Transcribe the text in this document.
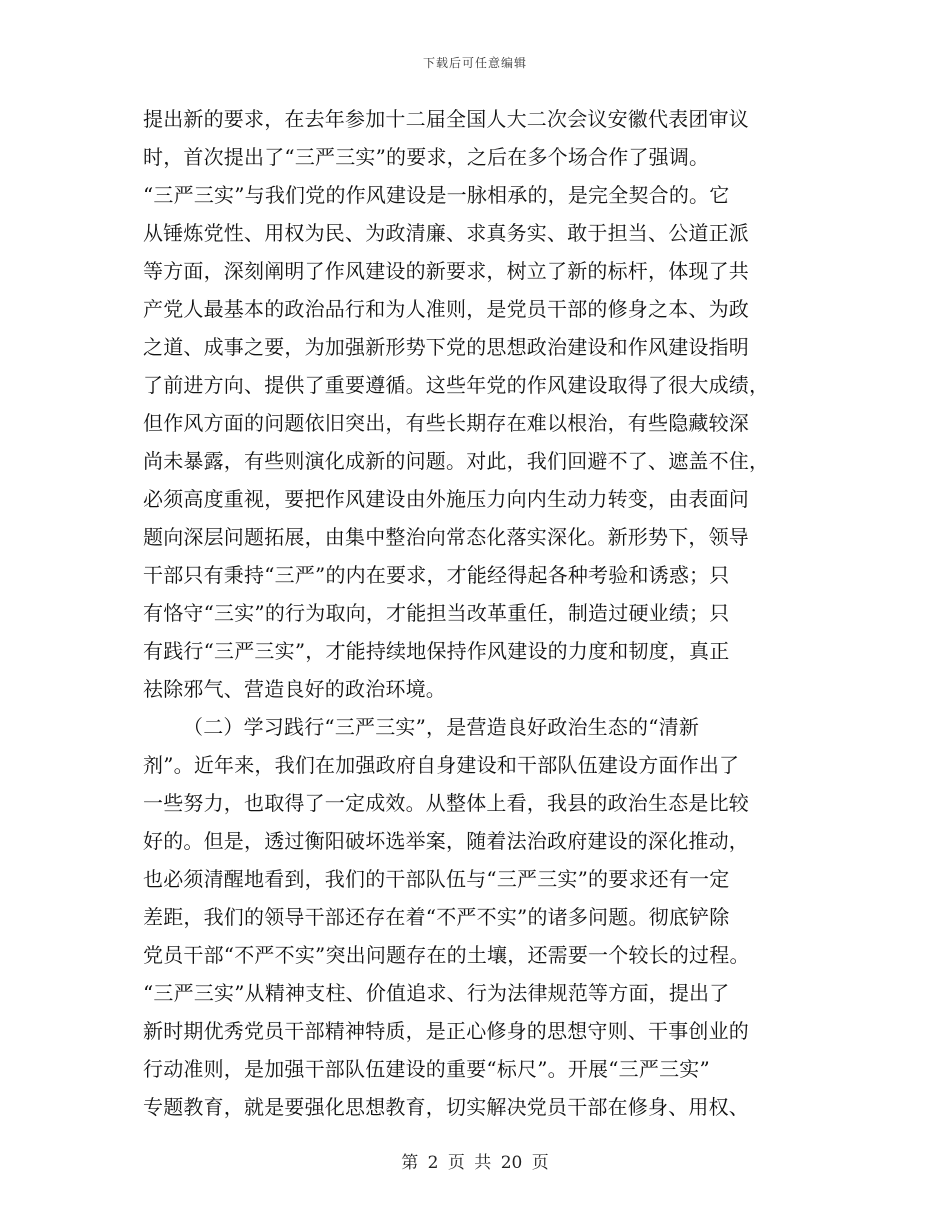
下载后可任意编辑
提出新的要求，在去年参加十二届全国人大二次会议安徽代表团审议
时，首次提出了“三严三实”的要求，之后在多个场合作了强调。
“三严三实”与我们党的作风建设是一脉相承的，是完全契合的。它
从锤炼党性、用权为民、为政清廉、求真务实、敢于担当、公道正派
等方面，深刻阐明了作风建设的新要求，树立了新的标杆，体现了共
产党人最基本的政治品行和为人准则，是党员干部的修身之本、为政
之道、成事之要，为加强新形势下党的思想政治建设和作风建设指明
了前进方向、提供了重要遵循。这些年党的作风建设取得了很大成绩，
但作风方面的问题依旧突出，有些长期存在难以根治，有些隐藏较深
尚未暴露，有些则演化成新的问题。对此，我们回避不了、遮盖不住，
必须高度重视，要把作风建设由外施压力向内生动力转变，由表面问
题向深层问题拓展，由集中整治向常态化落实深化。新形势下，领导
干部只有秉持“三严”的内在要求，才能经得起各种考验和诱惑；只
有恪守“三实”的行为取向，才能担当改革重任，制造过硬业绩；只
有践行“三严三实”，才能持续地保持作风建设的力度和韧度，真正
祛除邪气、营造良好的政治环境。
（二）学习践行“三严三实”，是营造良好政治生态的“清新
剂”。近年来，我们在加强政府自身建设和干部队伍建设方面作出了
一些努力，也取得了一定成效。从整体上看，我县的政治生态是比较
好的。但是，透过衡阳破坏选举案，随着法治政府建设的深化推动，
也必须清醒地看到，我们的干部队伍与“三严三实”的要求还有一定
差距，我们的领导干部还存在着“不严不实”的诸多问题。彻底铲除
党员干部“不严不实”突出问题存在的土壤，还需要一个较长的过程。
“三严三实”从精神支柱、价值追求、行为法律规范等方面，提出了
新时期优秀党员干部精神特质，是正心修身的思想守则、干事创业的
行动准则，是加强干部队伍建设的重要“标尺”。开展“三严三实”
专题教育，就是要强化思想教育，切实解决党员干部在修身、用权、
第 2 页 共 20 页
